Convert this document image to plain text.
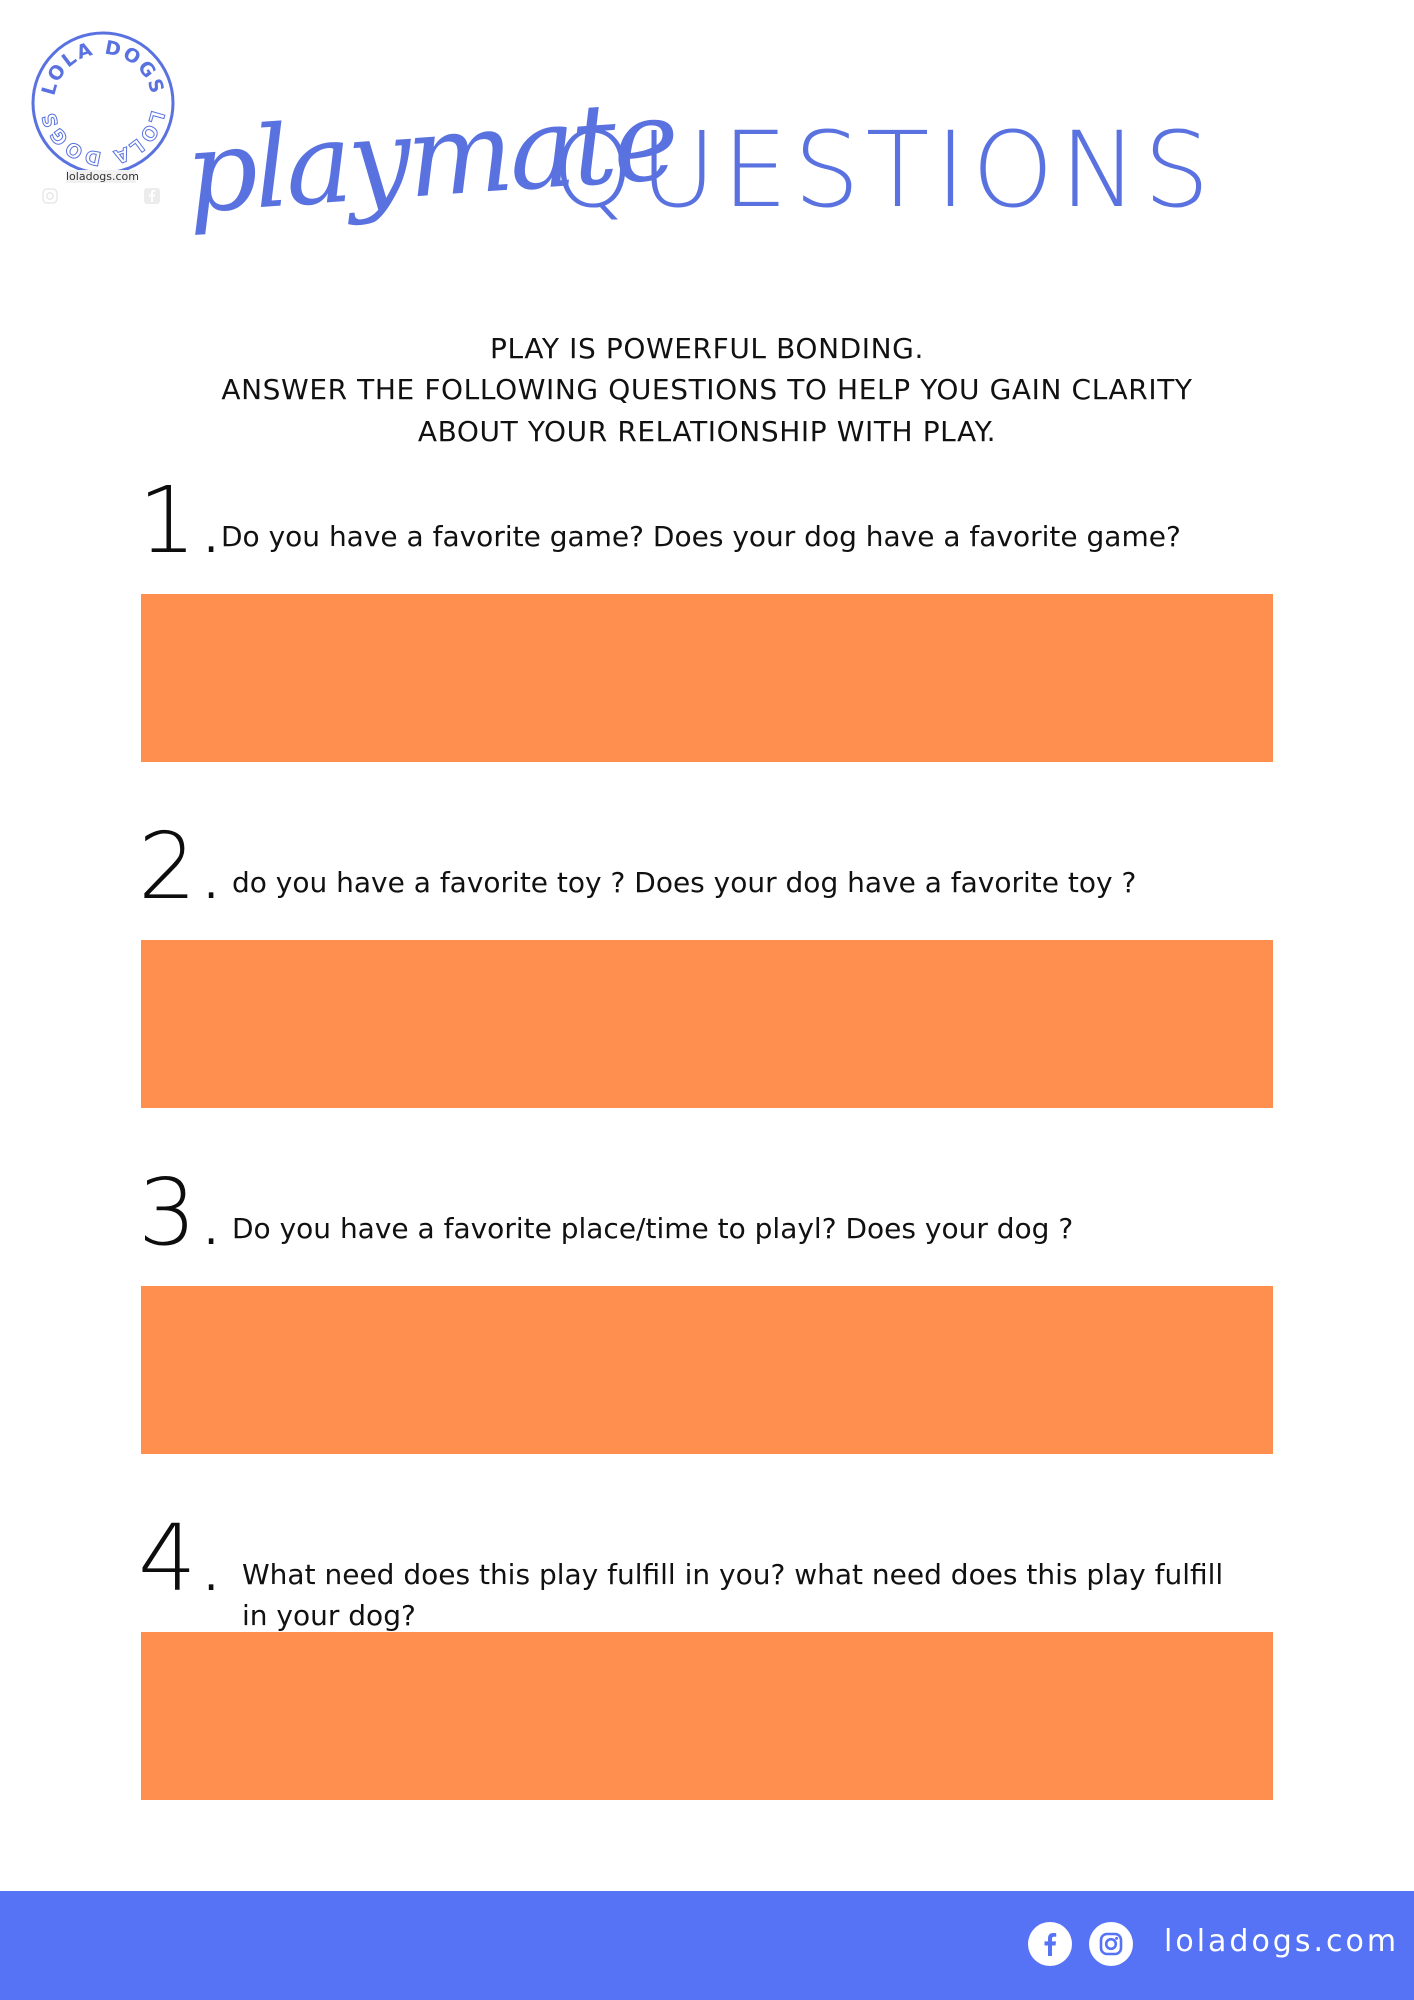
LOLA DOGS
LOLA DOGS
loladogs.com playmate
QUESTIONS
PLAY IS POWERFUL BONDING.
ANSWER THE FOLLOWING QUESTIONS TO HELP YOU GAIN CLARITY
ABOUT YOUR RELATIONSHIP WITH PLAY.
1.
Do you have a favorite game? Does your dog have a favorite game?
2. do you have a favorite toy ? Does your dog have a favorite toy ?
3. Do you have a favorite place/time to playl? Does your dog ?
4. What need does this play fulfill in you? what need does this play fulfill
in your dog?
loladogs.com
